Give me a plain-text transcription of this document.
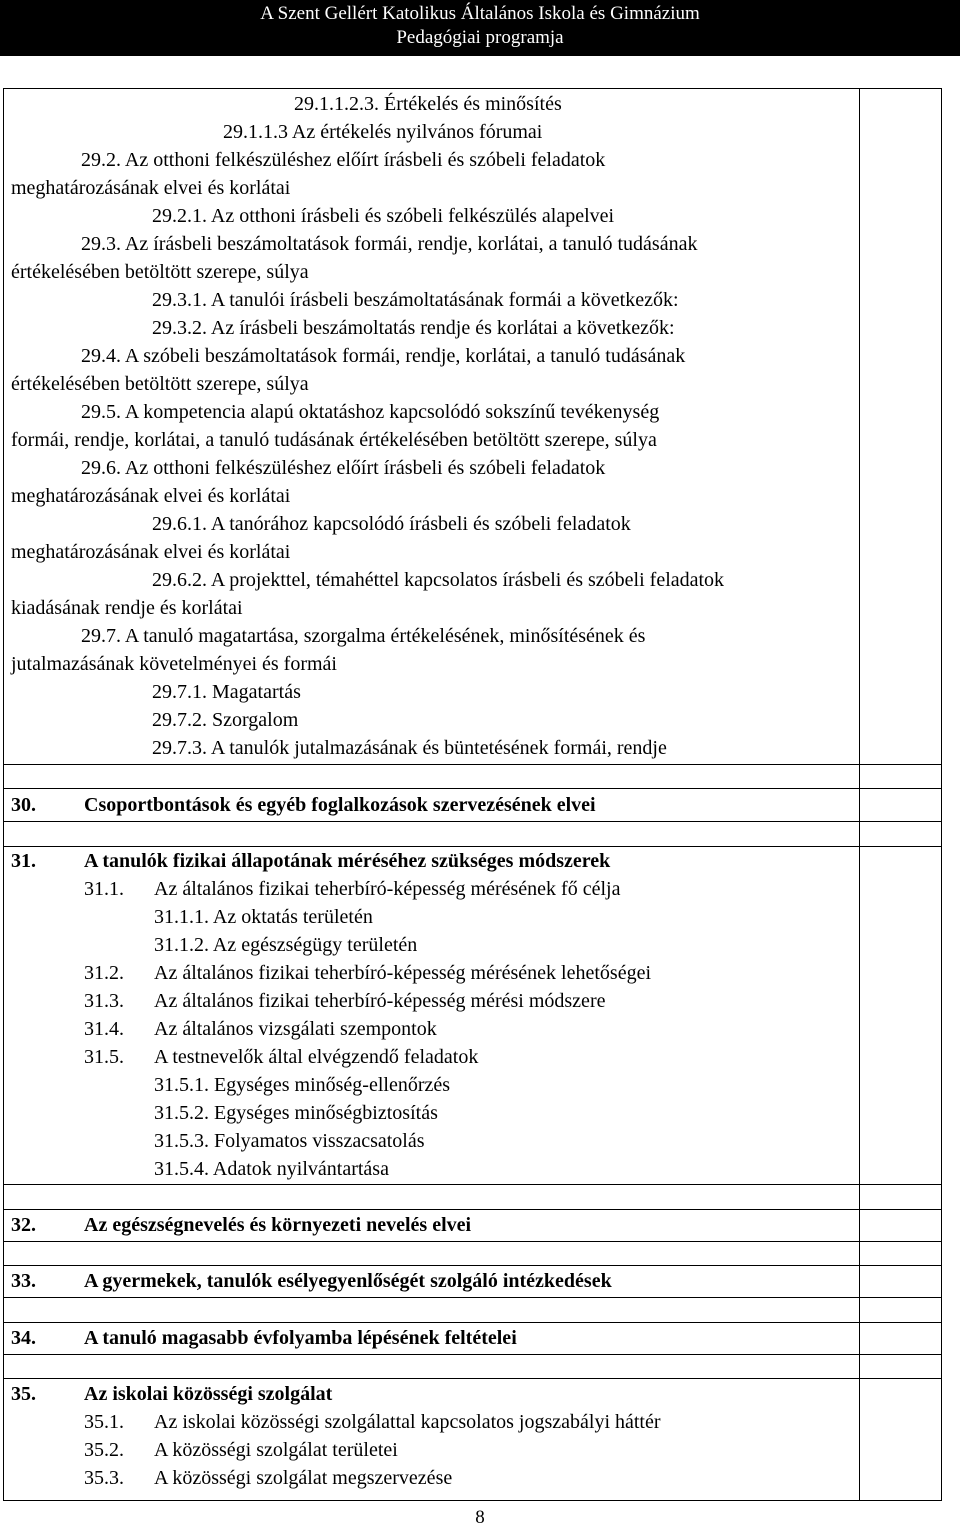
A Szent Gellért Katolikus Általános Iskola és Gimnázium
Pedagógiai programja
29.1.1.2.3. Értékelés és minősítés
29.1.1.3 Az értékelés nyilvános fórumai
29.2. Az otthoni felkészüléshez előírt írásbeli és szóbeli feladatok
meghatározásának elvei és korlátai
29.2.1. Az otthoni írásbeli és szóbeli felkészülés alapelvei
29.3. Az írásbeli beszámoltatások formái, rendje, korlátai, a tanuló tudásának
értékelésében betöltött szerepe, súlya
29.3.1. A tanulói írásbeli beszámoltatásának formái a következők:
29.3.2. Az írásbeli beszámoltatás rendje és korlátai a következők:
29.4. A szóbeli beszámoltatások formái, rendje, korlátai, a tanuló tudásának
értékelésében betöltött szerepe, súlya
29.5. A kompetencia alapú oktatáshoz kapcsolódó sokszínű tevékenység
formái, rendje, korlátai, a tanuló tudásának értékelésében betöltött szerepe, súlya
29.6. Az otthoni felkészüléshez előírt írásbeli és szóbeli feladatok
meghatározásának elvei és korlátai
29.6.1. A tanórához kapcsolódó írásbeli és szóbeli feladatok
meghatározásának elvei és korlátai
29.6.2. A projekttel, témahéttel kapcsolatos írásbeli és szóbeli feladatok
kiadásának rendje és korlátai
29.7. A tanuló magatartása, szorgalma értékelésének, minősítésének és
jutalmazásának követelményei és formái
29.7.1. Magatartás
29.7.2. Szorgalom
29.7.3. A tanulók jutalmazásának és büntetésének formái, rendje
30. Csoportbontások és egyéb foglalkozások szervezésének elvei
31. A tanulók fizikai állapotának méréséhez szükséges módszerek
31.1. Az általános fizikai teherbíró-képesség mérésének fő célja
31.1.1. Az oktatás területén
31.1.2. Az egészségügy területén
31.2. Az általános fizikai teherbíró-képesség mérésének lehetőségei
31.3. Az általános fizikai teherbíró-képesség mérési módszere
31.4. Az általános vizsgálati szempontok
31.5. A testnevelők által elvégzendő feladatok
31.5.1. Egységes minőség-ellenőrzés
31.5.2. Egységes minőségbiztosítás
31.5.3. Folyamatos visszacsatolás
31.5.4. Adatok nyilvántartása
32. Az egészségnevelés és környezeti nevelés elvei
33. A gyermekek, tanulók esélyegyenlőségét szolgáló intézkedések
34. A tanuló magasabb évfolyamba lépésének feltételei
35. Az iskolai közösségi szolgálat
35.1. Az iskolai közösségi szolgálattal kapcsolatos jogszabályi háttér
35.2. A közösségi szolgálat területei
35.3. A közösségi szolgálat megszervezése
8
